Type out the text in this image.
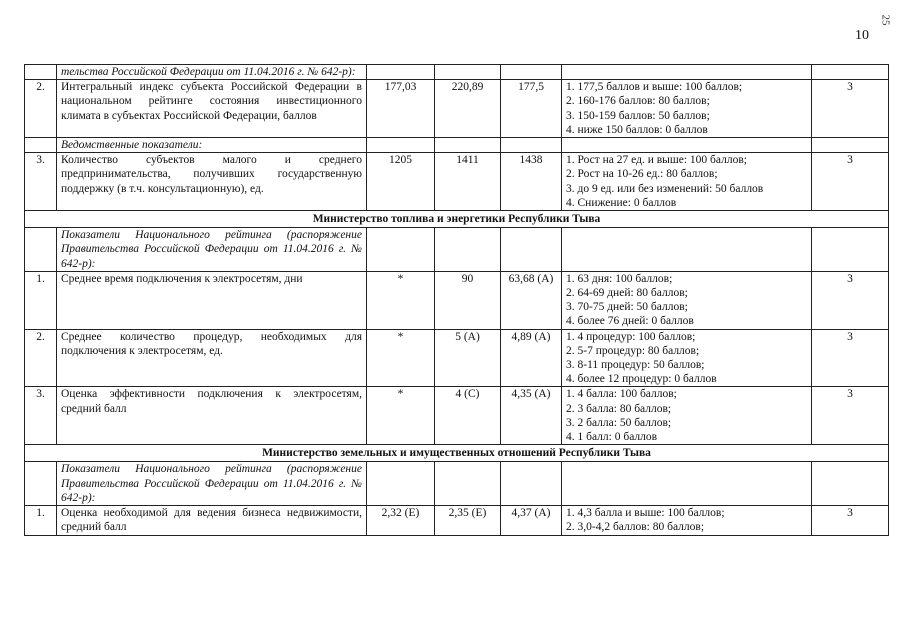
10
25
	тельства Российской Федерации от 11.04.2016 г. № 642-р):					
2.	Интегральный индекс субъекта Российской Федерации в национальном рейтинге состояния инвестиционного климата в субъектах Российской Федерации, баллов	177,03	220,89	177,5	1. 177,5 баллов и выше: 100 баллов;
2. 160-176 баллов: 80 баллов;
3. 150-159 баллов: 50 баллов;
4. ниже 150 баллов: 0 баллов	3
	Ведомственные показатели:					
3.	Количество субъектов малого и среднего предпринимательства, получивших государственную поддержку (в т.ч. консультационную), ед.	1205	1411	1438	1. Рост на 27 ед. и выше: 100 баллов;
2. Рост на 10-26 ед.: 80 баллов;
3. до 9 ед. или без изменений: 50 баллов
4. Снижение: 0 баллов	3
Министерство топлива и энергетики Республики Тыва						
	Показатели Национального рейтинга (распоряжение Правительства Российской Федерации от 11.04.2016 г. № 642-р):					
1.	Среднее время подключения к электросетям, дни	*	90	63,68 (А)	1. 63 дня: 100 баллов;
2. 64-69 дней: 80 баллов;
3. 70-75 дней: 50 баллов;
4. более 76 дней: 0 баллов	3
2.	Среднее количество процедур, необходимых для подключения к электросетям, ед.	*	5 (А)	4,89 (А)	1. 4 процедур: 100 баллов;
2. 5-7 процедур: 80 баллов;
3. 8-11 процедур: 50 баллов;
4. более 12 процедур: 0 баллов	3
3.	Оценка эффективности подключения к электросетям, средний балл	*	4 (С)	4,35 (А)	1. 4 балла: 100 баллов;
2. 3 балла: 80 баллов;
3. 2 балла: 50 баллов;
4. 1 балл: 0 баллов	3
Министерство земельных и имущественных отношений Республики Тыва						
	Показатели Национального рейтинга (распоряжение Правительства Российской Федерации от 11.04.2016 г. № 642-р):					
1.	Оценка необходимой для ведения бизнеса недвижимости, средний балл	2,32 (Е)	2,35 (Е)	4,37 (А)	1. 4,3 балла и выше: 100 баллов;
2. 3,0-4,2 баллов: 80 баллов;	3
